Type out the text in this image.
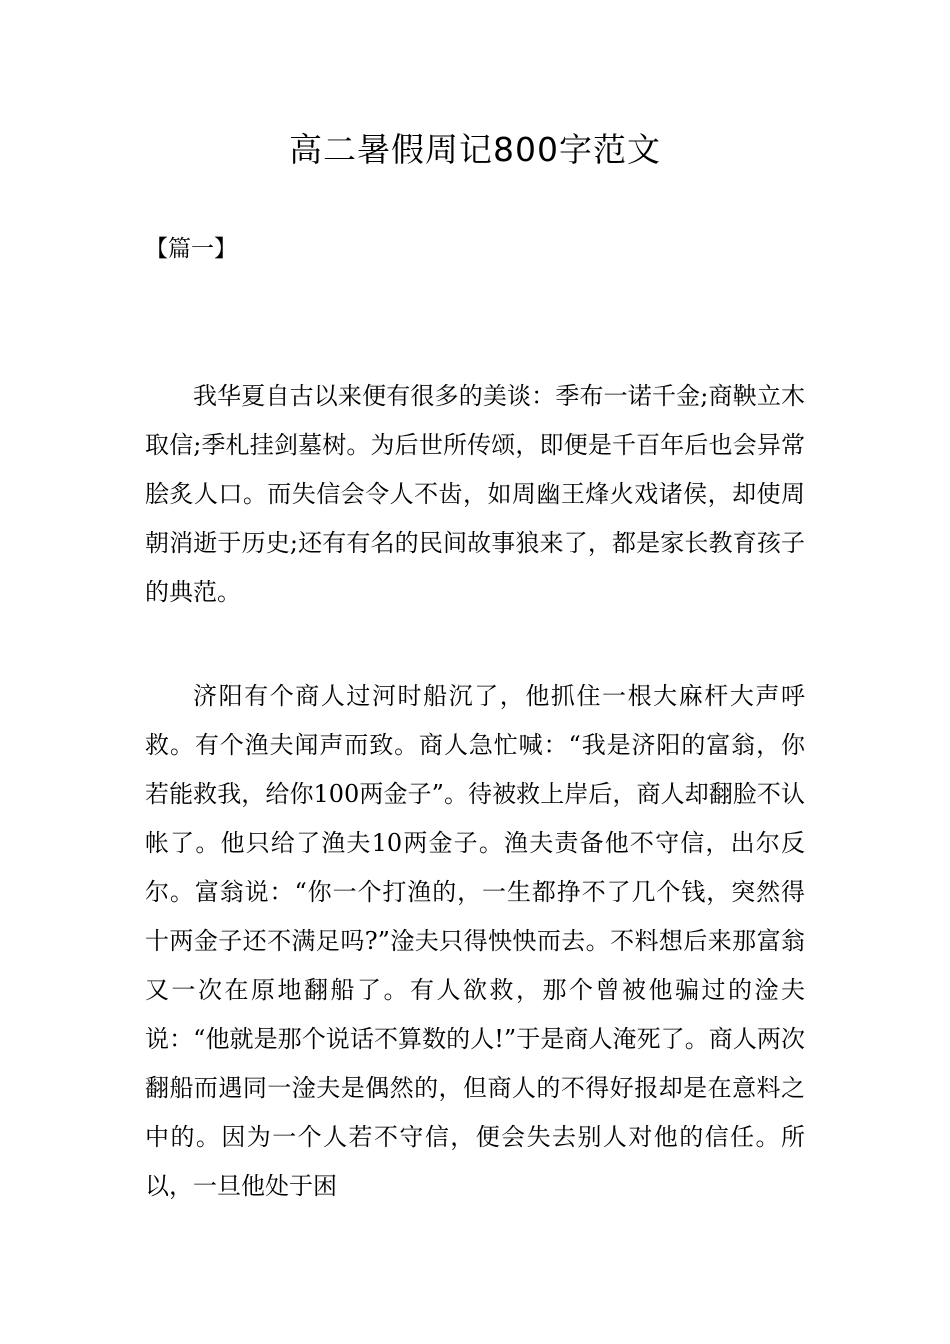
高二暑假周记800字范文
【篇一】

我华夏自古以来便有很多的美谈：季布一诺千金;商鞅立木取信;季札挂剑墓树。为后世所传颂，即便是千百年后也会异常脍炙人口。而失信会令人不齿，如周幽王烽火戏诸侯，却使周朝消逝于历史;还有有名的民间故事狼来了，都是家长教育孩子的典范。

济阳有个商人过河时船沉了，他抓住一根大麻杆大声呼救。有个渔夫闻声而致。商人急忙喊：“我是济阳的富翁，你若能救我，给你100两金子”。待被救上岸后，商人却翻脸不认帐了。他只给了渔夫10两金子。渔夫责备他不守信，出尔反尔。富翁说：“你一个打渔的，一生都挣不了几个钱，突然得十两金子还不满足吗?”淦夫只得怏怏而去。不料想后来那富翁又一次在原地翻船了。有人欲救，那个曾被他骗过的淦夫说：“他就是那个说话不算数的人!”于是商人淹死了。商人两次翻船而遇同一淦夫是偶然的，但商人的不得好报却是在意料之中的。因为一个人若不守信，便会失去别人对他的信任。所以，一旦他处于困
